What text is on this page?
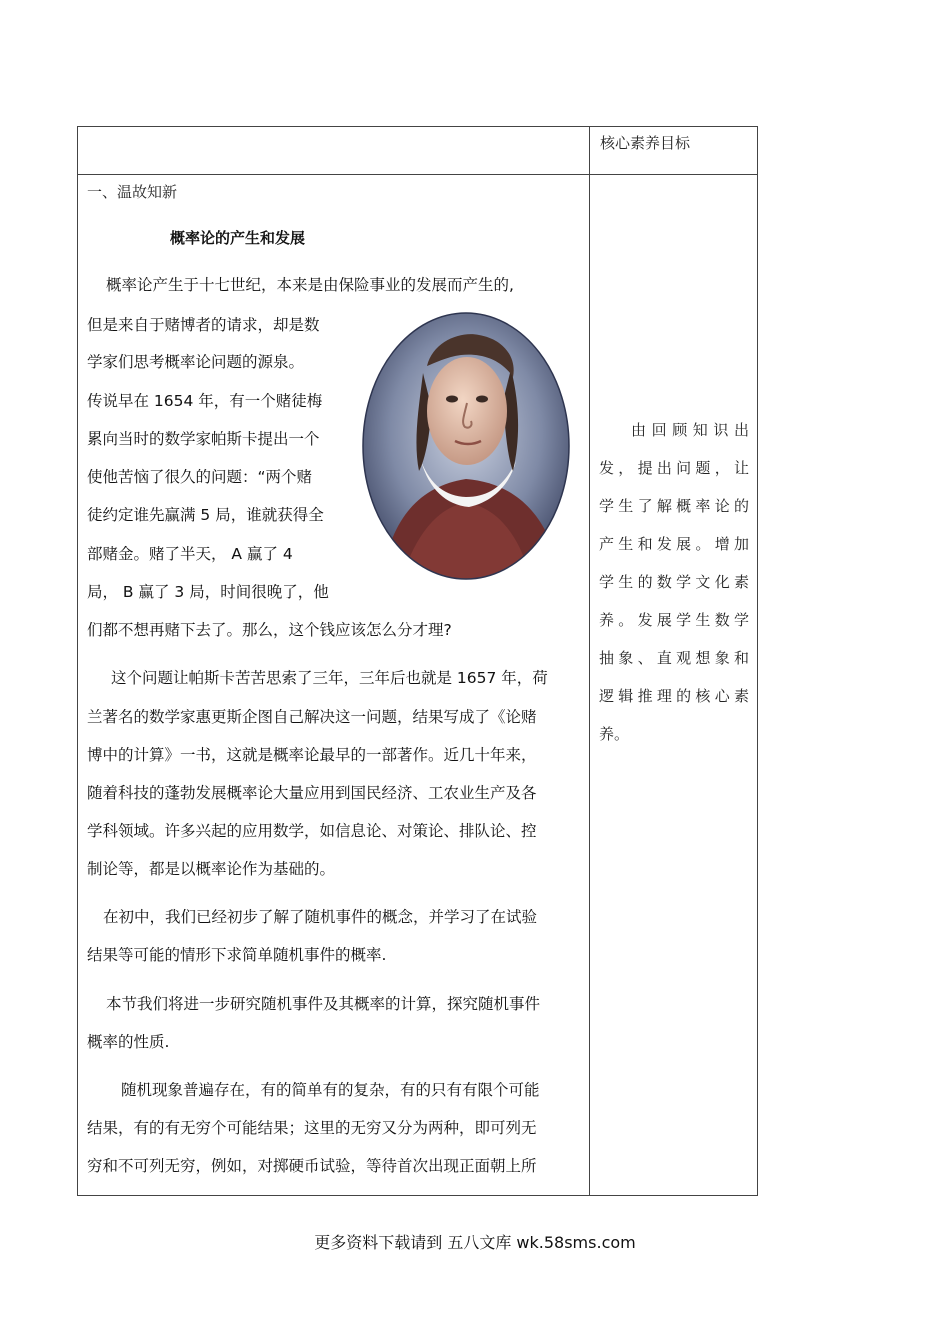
核心素养目标
一、温故知新
概率论的产生和发展
概率论产生于十七世纪，本来是由保险事业的发展而产生的,
但是来自于赌博者的请求，却是数
学家们思考概率论问题的源泉。
传说早在 1654 年，有一个赌徒梅
累向当时的数学家帕斯卡提出一个
使他苦恼了很久的问题：“两个赌
徒约定谁先赢满 5 局，谁就获得全
部赌金。赌了半天， A 赢了 4
局， B 赢了 3 局，时间很晚了，他
们都不想再赌下去了。那么，这个钱应该怎么分才理?
这个问题让帕斯卡苦苦思索了三年，三年后也就是 1657 年，荷
兰著名的数学家惠更斯企图自己解决这一问题，结果写成了《论赌
博中的计算》一书，这就是概率论最早的一部著作。近几十年来，
随着科技的蓬勃发展概率论大量应用到国民经济、工农业生产及各
学科领域。许多兴起的应用数学，如信息论、对策论、排队论、控
制论等，都是以概率论作为基础的。
在初中，我们已经初步了解了随机事件的概念，并学习了在试验
结果等可能的情形下求简单随机事件的概率.
本节我们将进一步研究随机事件及其概率的计算，探究随机事件
概率的性质.
随机现象普遍存在，有的简单有的复杂，有的只有有限个可能
结果，有的有无穷个可能结果；这里的无穷又分为两种，即可列无
穷和不可列无穷，例如，对掷硬币试验，等待首次出现正面朝上所
由回顾知识出
发，提出问题，让
学生了解概率论的
产生和发展。增加
学生的数学文化素
养。发展学生数学
抽象、直观想象和
逻辑推理的核心素
养。
更多资料下载请到 五八文库 wk.58sms.com
